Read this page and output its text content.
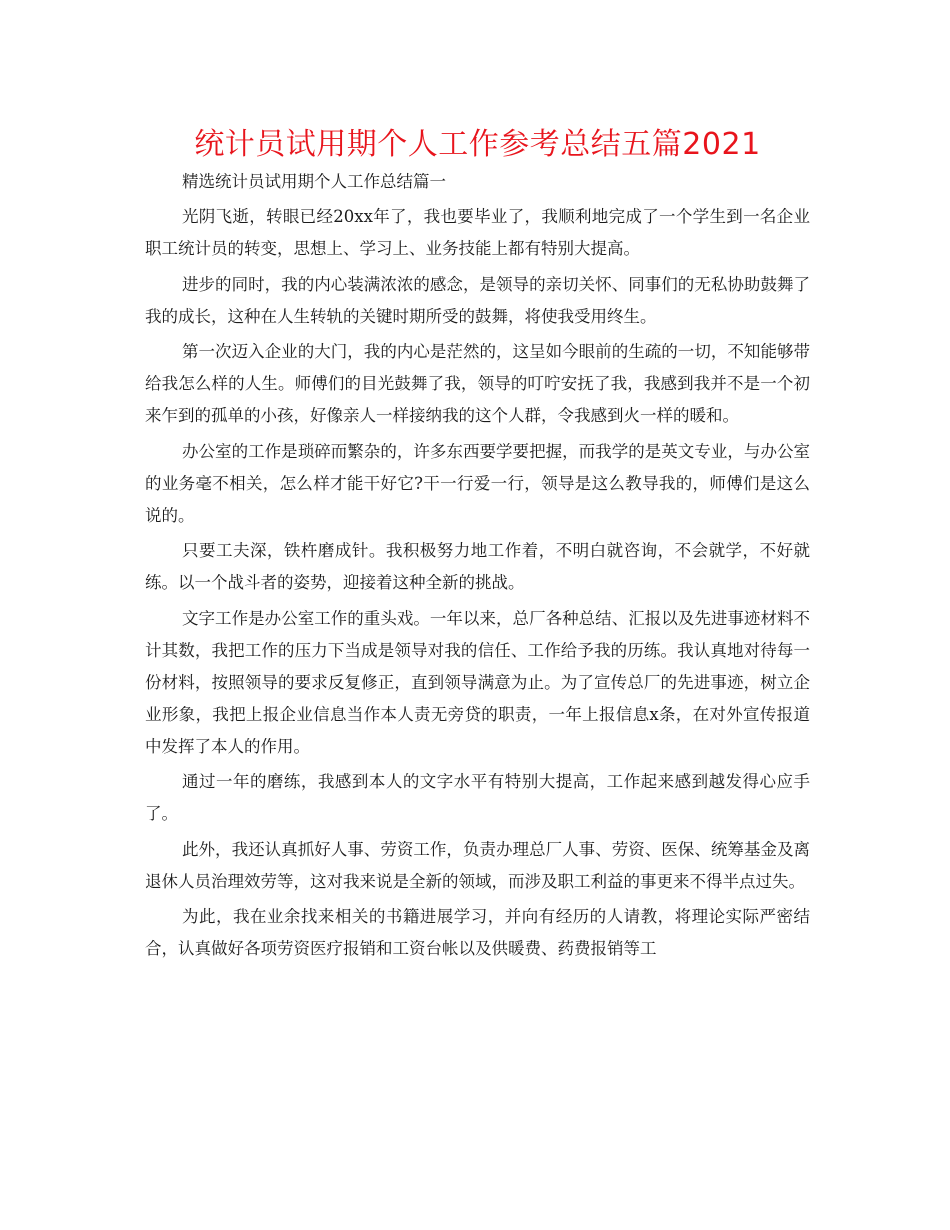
统计员试用期个人工作参考总结五篇2021

精选统计员试用期个人工作总结篇一

光阴飞逝，转眼已经20xx年了，我也要毕业了，我顺利地完成了一个学生到一名企业职工统计员的转变，思想上、学习上、业务技能上都有特别大提高。

进步的同时，我的内心装满浓浓的感念，是领导的亲切关怀、同事们的无私协助鼓舞了我的成长，这种在人生转轨的关键时期所受的鼓舞，将使我受用终生。

第一次迈入企业的大门，我的内心是茫然的，这呈如今眼前的生疏的一切，不知能够带给我怎么样的人生。师傅们的目光鼓舞了我，领导的叮咛安抚了我，我感到我并不是一个初来乍到的孤单的小孩，好像亲人一样接纳我的这个人群，令我感到火一样的暖和。

办公室的工作是琐碎而繁杂的，许多东西要学要把握，而我学的是英文专业，与办公室的业务毫不相关，怎么样才能干好它?干一行爱一行，领导是这么教导我的，师傅们是这么说的。

只要工夫深，铁杵磨成针。我积极努力地工作着，不明白就咨询，不会就学，不好就练。以一个战斗者的姿势，迎接着这种全新的挑战。

文字工作是办公室工作的重头戏。一年以来，总厂各种总结、汇报以及先进事迹材料不计其数，我把工作的压力下当成是领导对我的信任、工作给予我的历练。我认真地对待每一份材料，按照领导的要求反复修正，直到领导满意为止。为了宣传总厂的先进事迹，树立企业形象，我把上报企业信息当作本人责无旁贷的职责，一年上报信息x条，在对外宣传报道中发挥了本人的作用。

通过一年的磨练，我感到本人的文字水平有特别大提高，工作起来感到越发得心应手了。

此外，我还认真抓好人事、劳资工作，负责办理总厂人事、劳资、医保、统筹基金及离退休人员治理效劳等，这对我来说是全新的领域，而涉及职工利益的事更来不得半点过失。

为此，我在业余找来相关的书籍进展学习，并向有经历的人请教，将理论实际严密结合，认真做好各项劳资医疗报销和工资台帐以及供暖费、药费报销等工
